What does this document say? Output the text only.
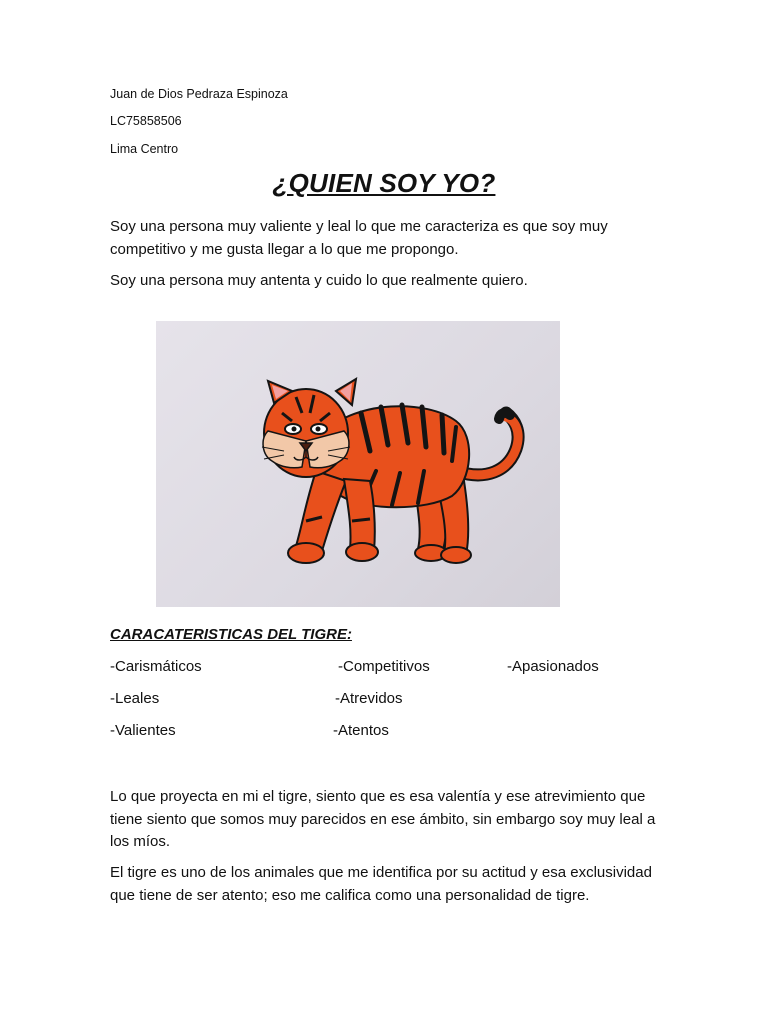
Juan de Dios Pedraza Espinoza
LC75858506
Lima Centro
¿QUIEN SOY YO?
Soy una persona muy valiente y leal lo que me caracteriza es que soy muy competitivo y me gusta llegar a lo que me propongo.
Soy una persona muy antenta y cuido lo que realmente quiero.
CARACATERISTICAS DEL TIGRE:
-Carismáticos	-Competitivos	-Apasionados
-Leales	-Atrevidos
-Valientes	-Atentos
Lo que proyecta en mi el tigre, siento que es esa valentía y ese atrevimiento que tiene siento que somos muy parecidos en ese ámbito, sin embargo soy muy leal a los míos.
El tigre es uno de los animales que me identifica por su actitud y esa exclusividad que tiene de ser atento; eso me califica como una personalidad de tigre.
